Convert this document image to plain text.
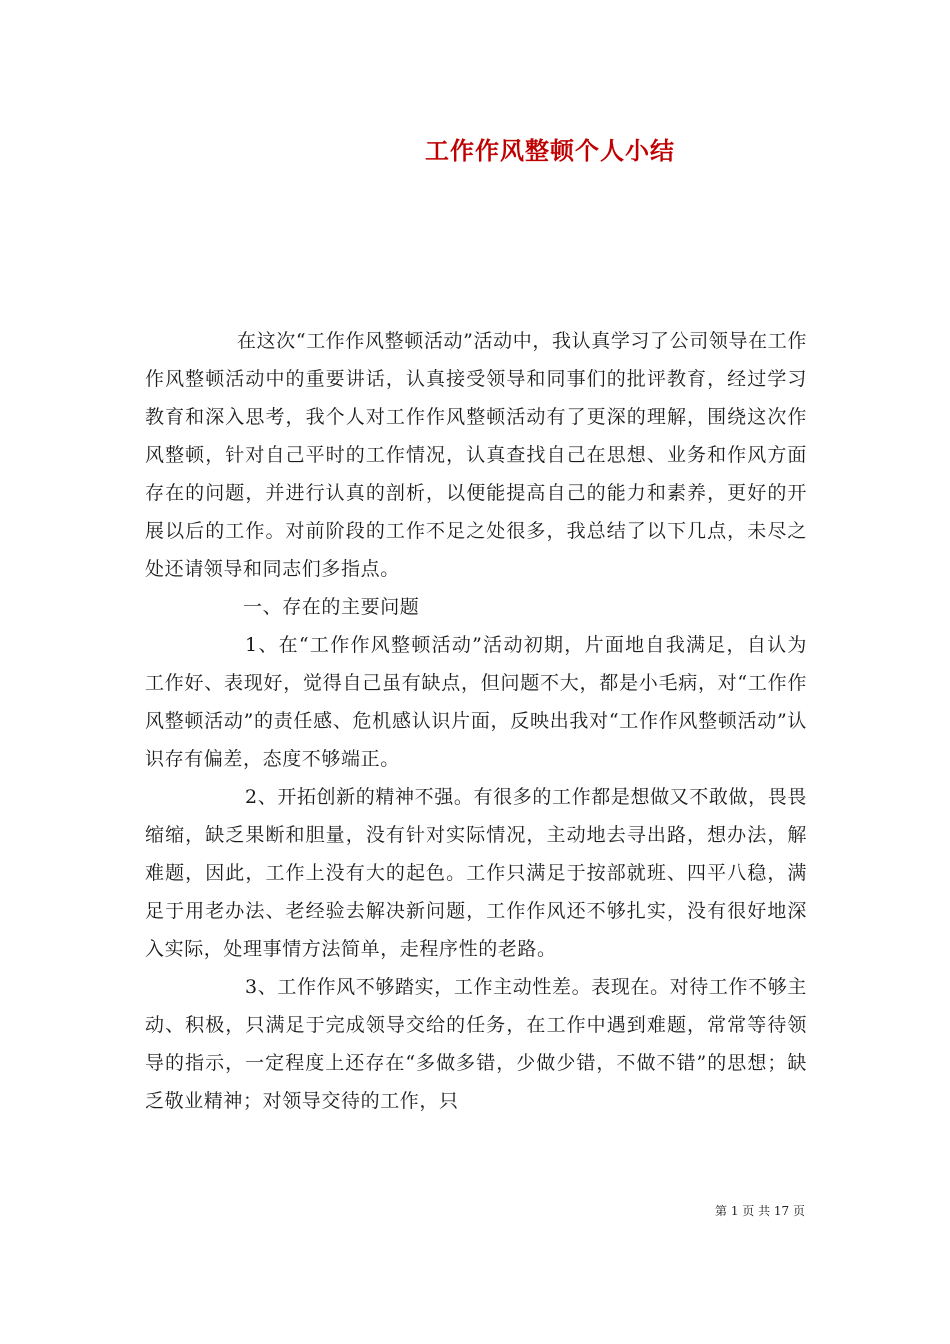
工作作风整顿个人小结

在这次“工作作风整顿活动”活动中，我认真学习了公司领导在工作作风整顿活动中的重要讲话，认真接受领导和同事们的批评教育，经过学习教育和深入思考，我个人对工作作风整顿活动有了更深的理解，围绕这次作风整顿，针对自己平时的工作情况，认真查找自己在思想、业务和作风方面存在的问题，并进行认真的剖析，以便能提高自己的能力和素养，更好的开展以后的工作。对前阶段的工作不足之处很多，我总结了以下几点，未尽之处还请领导和同志们多指点。

一、存在的主要问题

1、在“工作作风整顿活动”活动初期，片面地自我满足，自认为工作好、表现好，觉得自己虽有缺点，但问题不大，都是小毛病，对“工作作风整顿活动”的责任感、危机感认识片面，反映出我对“工作作风整顿活动”认识存有偏差，态度不够端正。

2、开拓创新的精神不强。有很多的工作都是想做又不敢做，畏畏缩缩，缺乏果断和胆量，没有针对实际情况，主动地去寻出路，想办法，解难题，因此，工作上没有大的起色。工作只满足于按部就班、四平八稳，满足于用老办法、老经验去解决新问题，工作作风还不够扎实，没有很好地深入实际，处理事情方法简单，走程序性的老路。

3、工作作风不够踏实，工作主动性差。表现在。对待工作不够主动、积极，只满足于完成领导交给的任务，在工作中遇到难题，常常等待领导的指示，一定程度上还存在“多做多错，少做少错，不做不错”的思想；缺乏敬业精神；对领导交待的工作，只

第 1 页 共 17 页
